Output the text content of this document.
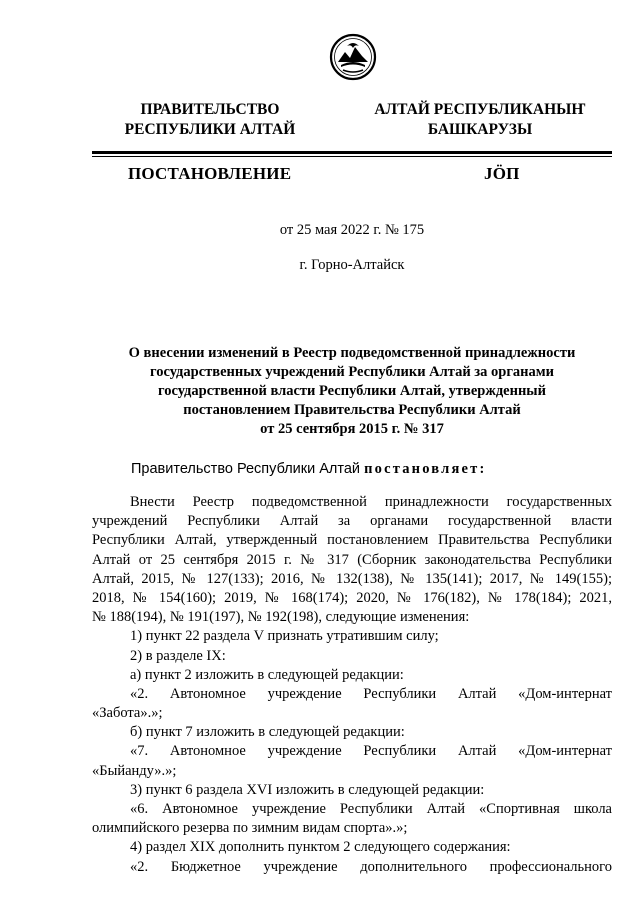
ПРАВИТЕЛЬСТВО
РЕСПУБЛИКИ АЛТАЙ
АЛТАЙ РЕСПУБЛИКАНЫҤ
БАШКАРУЗЫ
ПОСТАНОВЛЕНИЕ	JÖП
от 25 мая 2022 г. № 175
г. Горно-Алтайск
О внесении изменений в Реестр подведомственной принадлежности
государственных учреждений Республики Алтай за органами
государственной власти Республики Алтай, утвержденный
постановлением Правительства Республики Алтай
от 25 сентября 2015 г. № 317
Правительство Республики Алтай постановляет:
Внести Реестр подведомственной принадлежности государственных
учреждений Республики Алтай за органами государственной власти
Республики Алтай, утвержденный постановлением Правительства Республики
Алтай от 25 сентября 2015 г. № 317 (Сборник законодательства Республики
Алтай, 2015, № 127(133); 2016, № 132(138), № 135(141); 2017, № 149(155);
2018, № 154(160); 2019, № 168(174); 2020, № 176(182), № 178(184); 2021,
№ 188(194), № 191(197), № 192(198), следующие изменения:
1) пункт 22 раздела V признать утратившим силу;
2) в разделе IX:
а) пункт 2 изложить в следующей редакции:
«2. Автономное учреждение Республики Алтай «Дом-интернат
«Забота».»;
б) пункт 7 изложить в следующей редакции:
«7. Автономное учреждение Республики Алтай «Дом-интернат
«Быйанду».»;
3) пункт 6 раздела XVI изложить в следующей редакции:
«6. Автономное учреждение Республики Алтай «Спортивная школа
олимпийского резерва по зимним видам спорта».»;
4) раздел XIX дополнить пунктом 2 следующего содержания:
«2. Бюджетное учреждение дополнительного профессионального
